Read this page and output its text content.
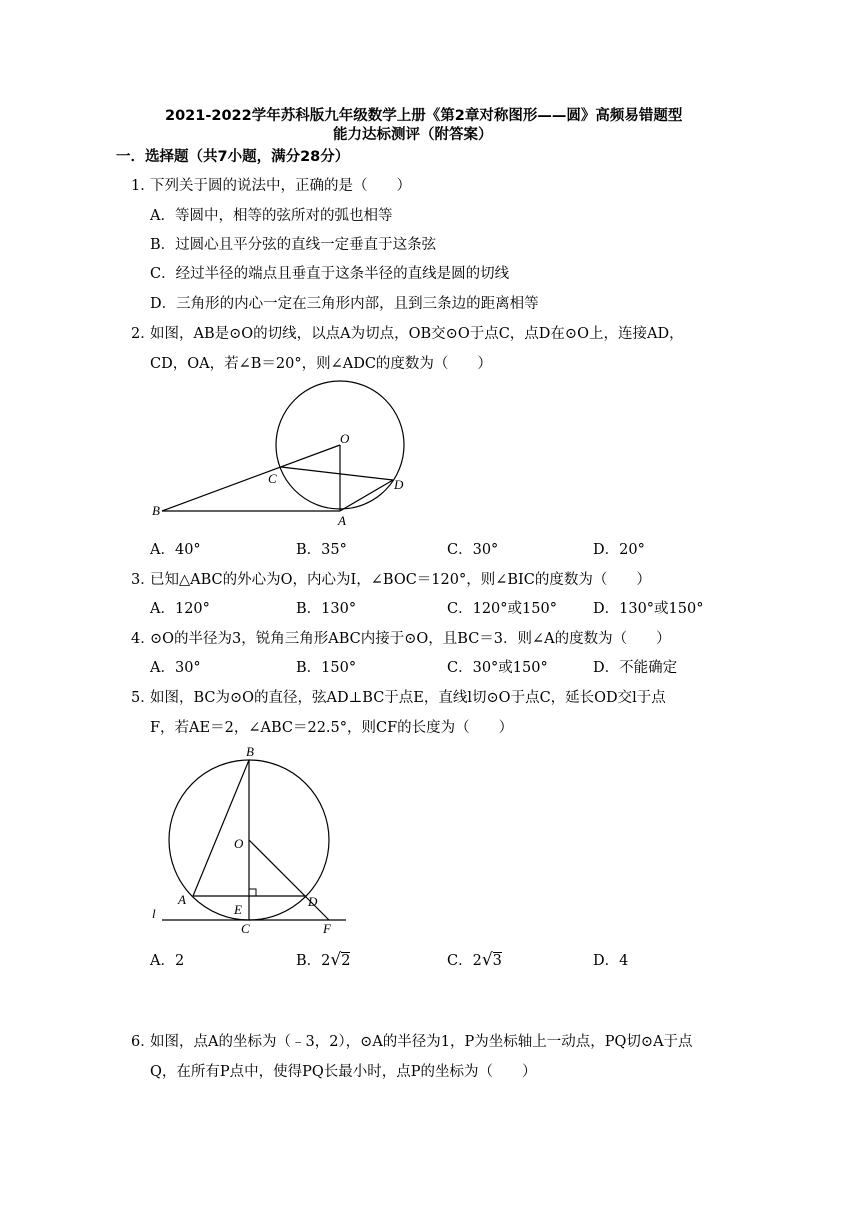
2021-2022学年苏科版九年级数学上册《第2章对称图形——圆》高频易错题型
能力达标测评（附答案）
一．选择题（共7小题，满分28分）
1．
下列关于圆的说法中，正确的是（　　）
A．等圆中，相等的弦所对的弧也相等
B．过圆心且平分弦的直线一定垂直于这条弦
C．经过半径的端点且垂直于这条半径的直线是圆的切线
D．三角形的内心一定在三角形内部，且到三条边的距离相等
2．
如图，AB是⊙O的切线，以点A为切点，OB交⊙O于点C，点D在⊙O上，连接AD，
CD，OA，若∠B＝20°，则∠ADC的度数为（　　）
O
C	D
B
A
A．40°	B．35°	C．30°	D．20°
3．
已知△ABC的外心为O，内心为I，∠BOC＝120°，则∠BIC的度数为（　　）
A．120°	B．130°	C．120°或150° D．130°或150°
4．
⊙O的半径为3，锐角三角形ABC内接于⊙O，且BC＝3．则∠A的度数为（　　）
A．30°	B．150°	C．30°或150°	D．不能确定
5．
如图，BC为⊙O的直径，弦AD⊥BC于点E，直线l切⊙O于点C，延长OD交l于点
F，若AE＝2，∠ABC＝22.5°，则CF的长度为（　　）
B
O
A
E
D
l
C	F
A．2	B．2√2	C．2√3	D．4
6．
如图，点A的坐标为（﹣3，2），⊙A的半径为1，P为坐标轴上一动点，PQ切⊙A于点
Q，在所有P点中，使得PQ长最小时，点P的坐标为（　　）
